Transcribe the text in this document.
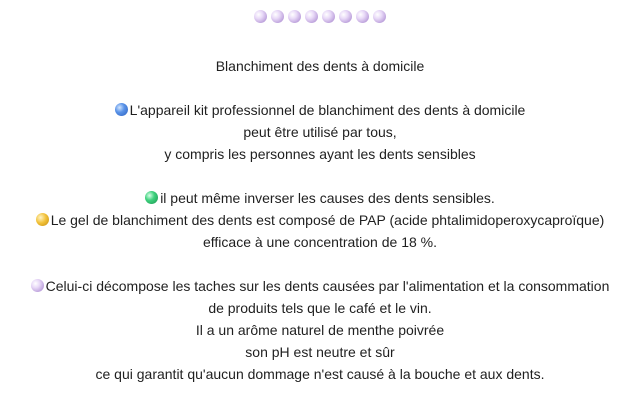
Blanchiment des dents à domicile
L'appareil kit professionnel de blanchiment des dents à domicile
peut être utilisé par tous,
y compris les personnes ayant les dents sensibles
il peut même inverser les causes des dents sensibles.
Le gel de blanchiment des dents est composé de PAP (acide phtalimidoperoxycaproïque)
efficace à une concentration de 18 %.
Celui-ci décompose les taches sur les dents causées par l'alimentation et la consommation
de produits tels que le café et le vin.
Il a un arôme naturel de menthe poivrée
son pH est neutre et sûr
ce qui garantit qu'aucun dommage n'est causé à la bouche et aux dents.
